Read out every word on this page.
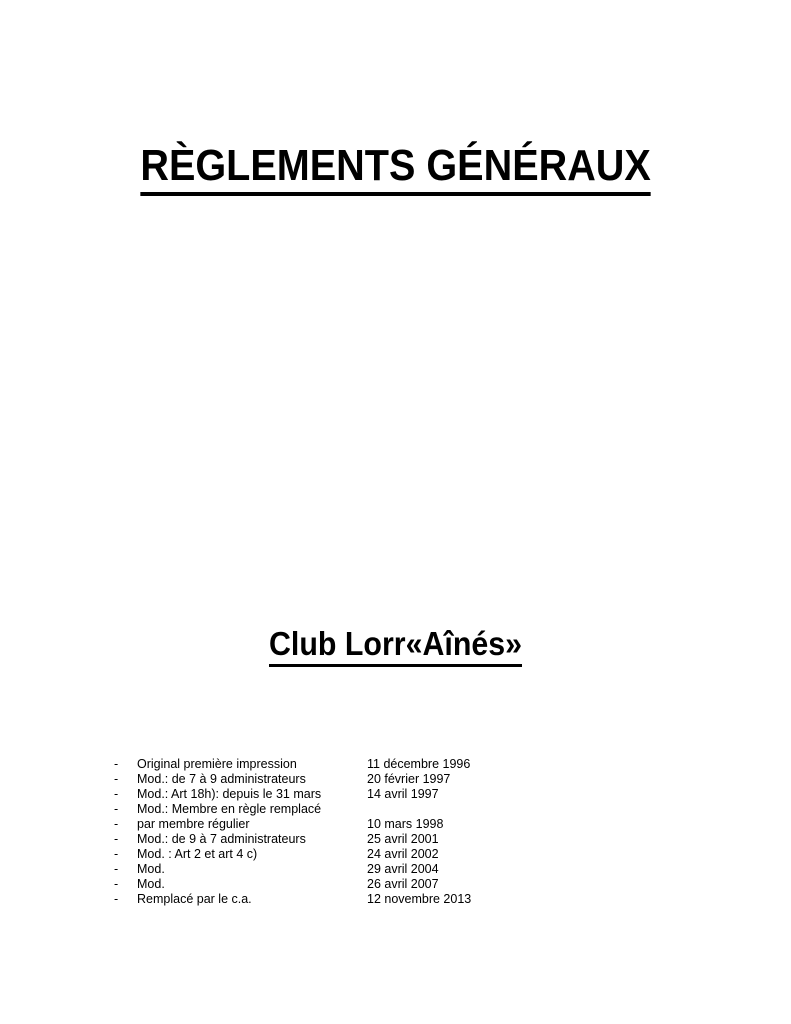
RÈGLEMENTS GÉNÉRAUX
Club Lorr«Aînés»
- Original première impression	11 décembre 1996
- Mod.: de 7 à 9 administrateurs	20 février 1997
- Mod.: Art 18h): depuis le 31 mars	14 avril 1997
- Mod.: Membre en règle remplacé
- par membre régulier	10 mars 1998
- Mod.: de 9 à 7 administrateurs	25 avril 2001
- Mod. : Art 2 et art 4 c)	24 avril 2002
- Mod.	29 avril 2004
- Mod.	26 avril 2007
- Remplacé par le c.a.	12 novembre 2013
